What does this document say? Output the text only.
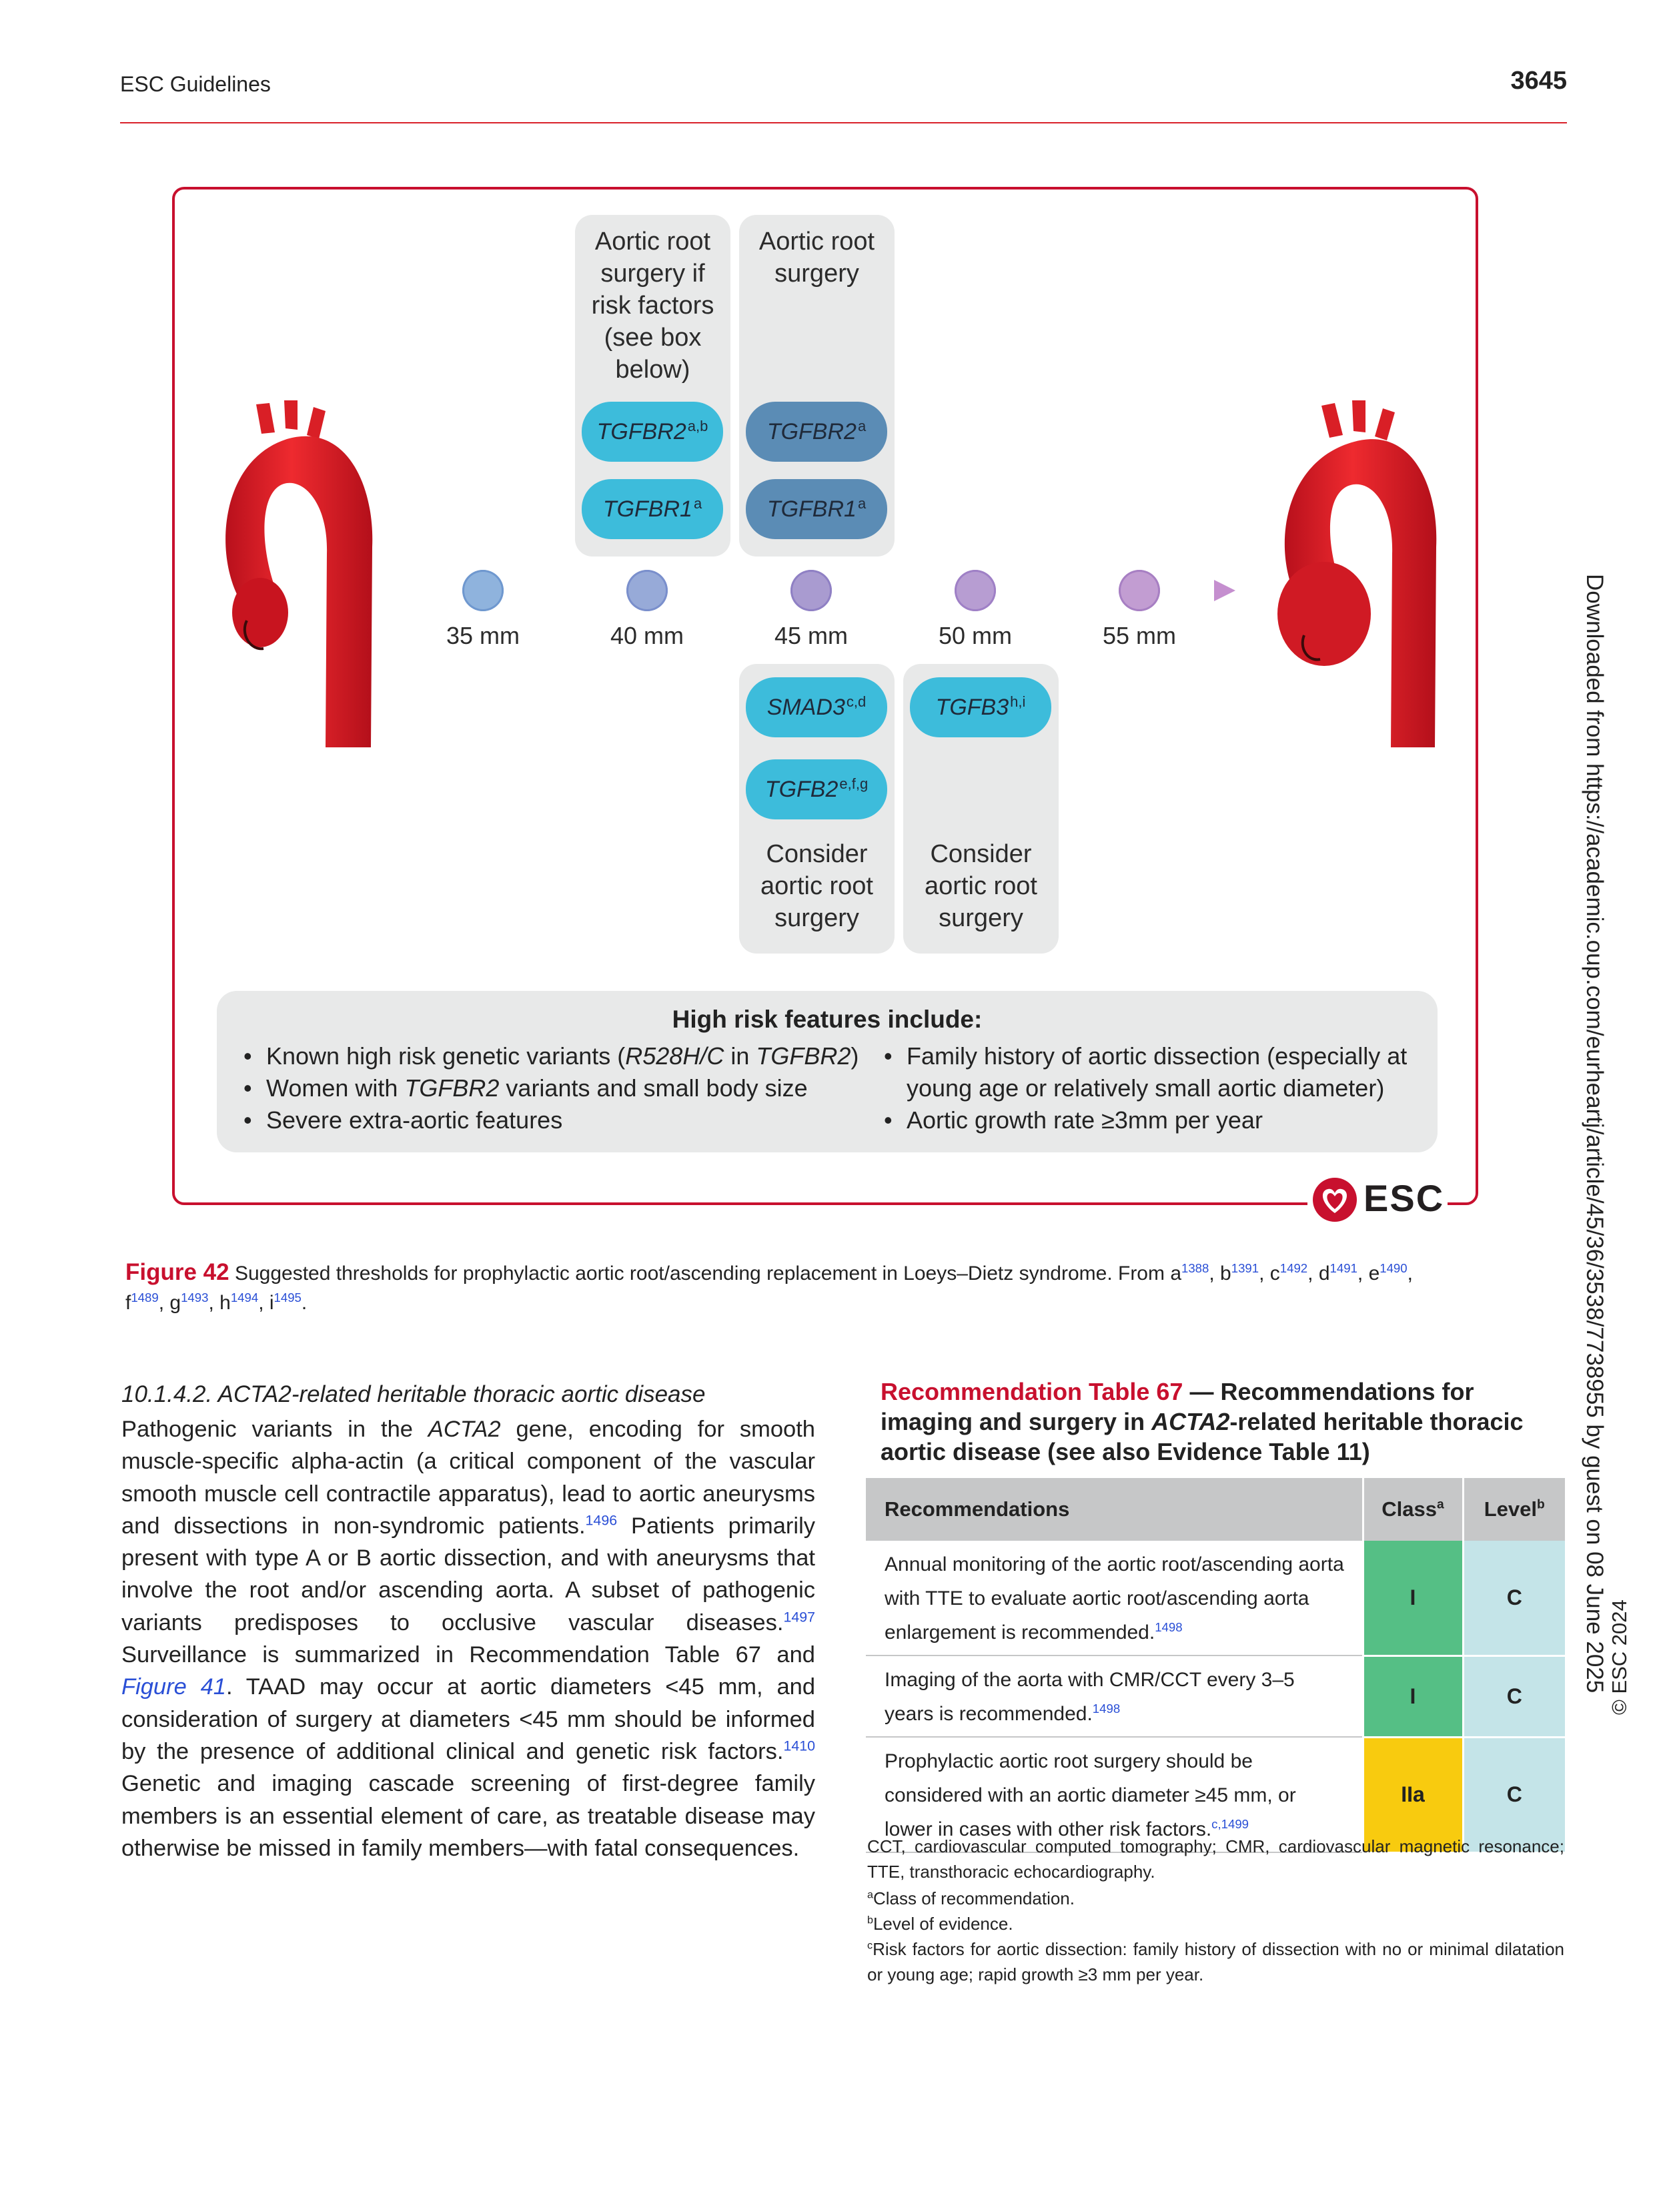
ESC Guidelines	3645
Aortic root
surgery if
risk factors
(see box
below)
Aortic root
surgery
TGFBR2$^{a,b}$
TGFBR1$^a$
TGFBR2$^a$
TGFBR1$^a$
SMAD3$^{c,d}$
TGFB2$^{e,f,g}$
TGFB3$^{h,i}$
Consider
aortic root
surgery
Consider
aortic root
surgery
35 mm	40 mm	45 mm	50 mm	55 mm
High risk features include:
• Known high risk genetic variants (R528H/C in TGFBR2)
• Women with TGFBR2 variants and small body size
• Severe extra-aortic features
• Family history of aortic dissection (especially at
young age or relatively small aortic diameter)
• Aortic growth rate ≥3mm per year
ESC
Figure 42 Suggested thresholds for prophylactic aortic root/ascending replacement in Loeys–Dietz syndrome. From $a^{1388}$, $b^{1391}$, $c^{1492}$, $d^{1491}$, $e^{1490}$,
$f^{1489}$, $g^{1493}$, $h^{1494}$, $i^{1495}$.
10.1.4.2. ACTA2-related heritable thoracic aortic disease
Pathogenic variants in the ACTA2 gene, encoding for smooth muscle-specific alpha-actin (a critical component of the vascular smooth muscle cell contractile apparatus), lead to aortic aneurysms and dissections in non-syndromic patients.$^{1496}$ Patients primarily present with type A or B aortic dissection, and with aneurysms that involve the root and/or ascending aorta. A subset of pathogenic variants predisposes to occlusive vascular diseases.$^{1497}$ Surveillance is summarized in Recommendation Table 67 and Figure 41. TAAD may occur at aortic diameters <45 mm, and consideration of surgery at diameters <45 mm should be informed by the presence of additional clinical and genetic risk factors.$^{1410}$ Genetic and imaging cascade screening of first-degree family members is an essential element of care, as treatable disease may otherwise be missed in family members—with fatal consequences.
Recommendation Table 67 — Recommendations for imaging and surgery in ACTA2-related heritable thoracic aortic disease (see also Evidence Table 11)
Recommendations	Class$^a$	Level$^b$
Annual monitoring of the aortic root/ascending aorta with TTE to evaluate aortic root/ascending aorta enlargement is recommended.$^{1498}$	I	C
Imaging of the aorta with CMR/CCT every 3–5 years is recommended.$^{1498}$	I	C
Prophylactic aortic root surgery should be considered with an aortic diameter ≥45 mm, or lower in cases with other risk factors.$^{c,1499}$	IIa	C
CCT, cardiovascular computed tomography; CMR, cardiovascular magnetic resonance; TTE, transthoracic echocardiography.
$^a$Class of recommendation.
$^b$Level of evidence.
$^c$Risk factors for aortic dissection: family history of dissection with no or minimal dilatation or young age; rapid growth ≥3 mm per year.
Downloaded from https://academic.oup.com/eurheartj/article/45/36/3538/7738955 by guest on 08 June 2025 © ESC 2024
